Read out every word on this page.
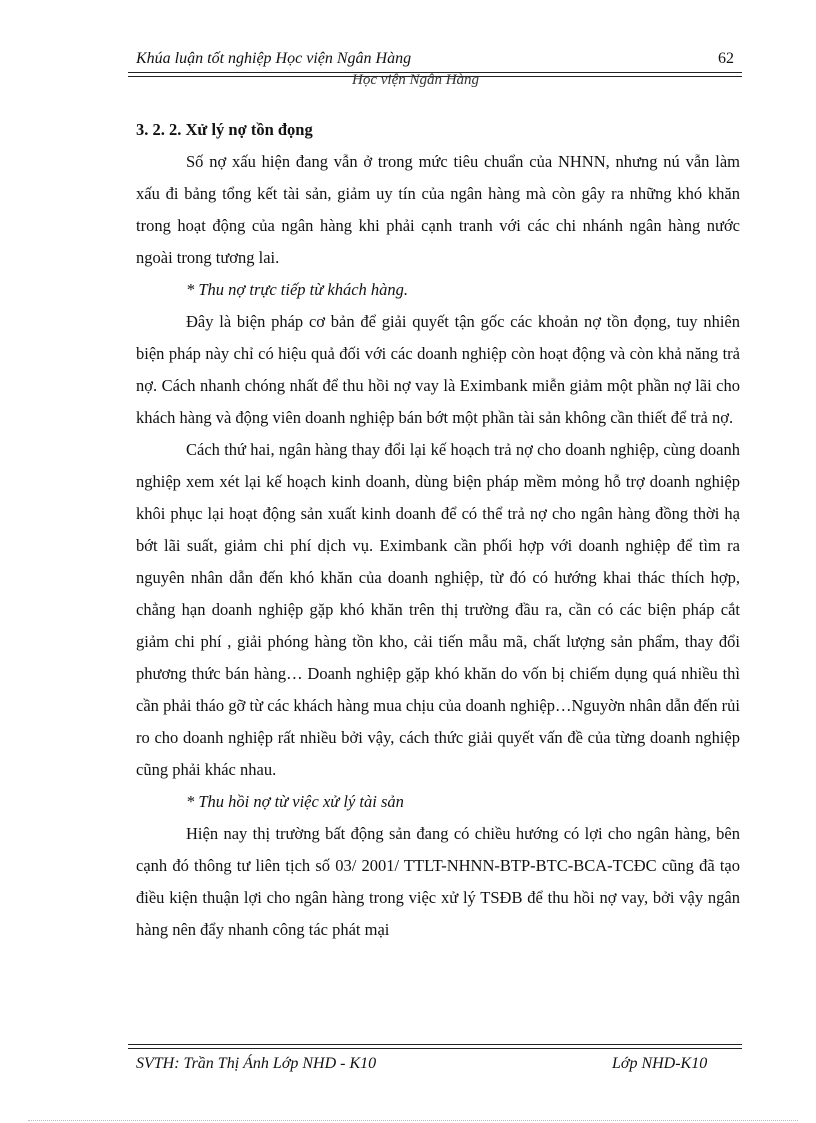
Khúa luận tốt nghiệp Học viện Ngân Hàng	62
Học viện Ngân Hàng

3. 2. 2. Xử lý nợ tồn đọng

Số nợ xấu hiện đang vẫn ở trong mức tiêu chuẩn của NHNN, nhưng nú vẫn làm xấu đi bảng tổng kết tài sản, giảm uy tín của ngân hàng mà còn gây ra những khó khăn trong hoạt động của ngân hàng khi phải cạnh tranh với các chi nhánh ngân hàng nước ngoài trong tương lai.

* Thu nợ trực tiếp từ khách hàng.

Đây là biện pháp cơ bản để giải quyết tận gốc các khoản nợ tồn đọng, tuy nhiên biện pháp này chỉ có hiệu quả đối với các doanh nghiệp còn hoạt động và còn khả năng trả nợ. Cách nhanh chóng nhất để thu hồi nợ vay là Eximbank miễn giảm một phần nợ lãi cho khách hàng và động viên doanh nghiệp bán bớt một phần tài sản không cần thiết để trả nợ.

Cách thứ hai, ngân hàng thay đổi lại kế hoạch trả nợ cho doanh nghiệp, cùng doanh nghiệp xem xét lại kế hoạch kinh doanh, dùng biện pháp mềm mỏng hỗ trợ doanh nghiệp khôi phục lại hoạt động sản xuất kinh doanh để có thể trả nợ cho ngân hàng đồng thời hạ bớt lãi suất, giảm chi phí dịch vụ. Eximbank cần phối hợp với doanh nghiệp để tìm ra nguyên nhân dẫn đến khó khăn của doanh nghiệp, từ đó có hướng khai thác thích hợp, chẳng hạn doanh nghiệp gặp khó khăn trên thị trường đầu ra, cần có các biện pháp cắt giảm chi phí , giải phóng hàng tồn kho, cải tiến mẫu mã, chất lượng sản phẩm, thay đổi phương thức bán hàng… Doanh nghiệp gặp khó khăn do vốn bị chiếm dụng quá nhiều thì cần phải tháo gỡ từ các khách hàng mua chịu của doanh nghiệp…Nguyờn nhân dẫn đến rủi ro cho doanh nghiệp rất nhiều bởi vậy, cách thức giải quyết vấn đề của từng doanh nghiệp cũng phải khác nhau.

* Thu hồi nợ từ việc xử lý tài sản

Hiện nay thị trường bất động sản đang có chiều hướng có lợi cho ngân hàng, bên cạnh đó thông tư liên tịch số 03/ 2001/ TTLT-NHNN-BTP-BTC-BCA-TCĐC cũng đã tạo điều kiện thuận lợi cho ngân hàng trong việc xử lý TSĐB để thu hồi nợ vay, bởi vậy ngân hàng nên đẩy nhanh công tác phát mại

SVTH: Trần Thị Ánh Lớp NHD - K10	Lớp NHD-K10
